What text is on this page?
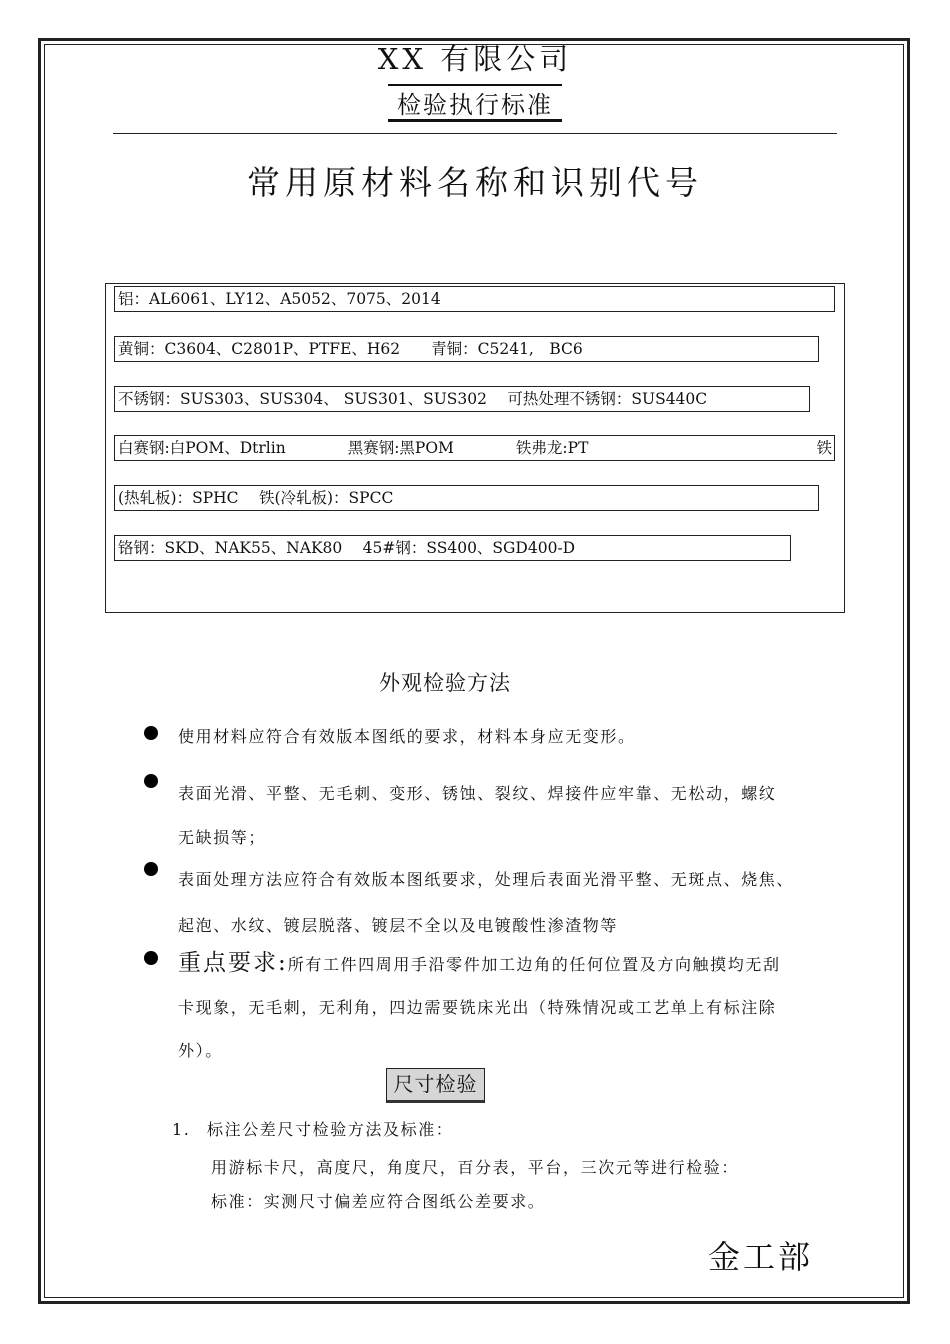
XX 有限公司
检验执行标准
常用原材料名称和识别代号
铝：AL6061、LY12、A5052、7075、2014
黄铜：C3604、C2801P、PTFE、H62　　青铜：C5241,　BC6
不锈钢：SUS303、SUS304、 SUS301、SUS302　 可热处理不锈钢：SUS440C
白赛钢:白POM、Dtrlin　　　　黑赛钢:黑POM　　　　铁弗龙:PT	铁
(热轧板)：SPHC　 铁(冷轧板)：SPCC
铬钢：SKD、NAK55、NAK80　 45#钢：SS400、SGD400-D
外观检验方法
使用材料应符合有效版本图纸的要求，材料本身应无变形。
表面光滑、平整、无毛刺、变形、锈蚀、裂纹、焊接件应牢靠、无松动，螺纹
无缺损等；
表面处理方法应符合有效版本图纸要求，处理后表面光滑平整、无斑点、烧焦、
起泡、水纹、镀层脱落、镀层不全以及电镀酸性渗渣物等
重点要求:所有工件四周用手沿零件加工边角的任何位置及方向触摸均无刮
卡现象，无毛刺，无利角，四边需要铣床光出（特殊情况或工艺单上有标注除
外）。
尺寸检验
1. 标注公差尺寸检验方法及标准：
用游标卡尺，高度尺，角度尺，百分表，平台，三次元等进行检验：
标准：实测尺寸偏差应符合图纸公差要求。
金工部
